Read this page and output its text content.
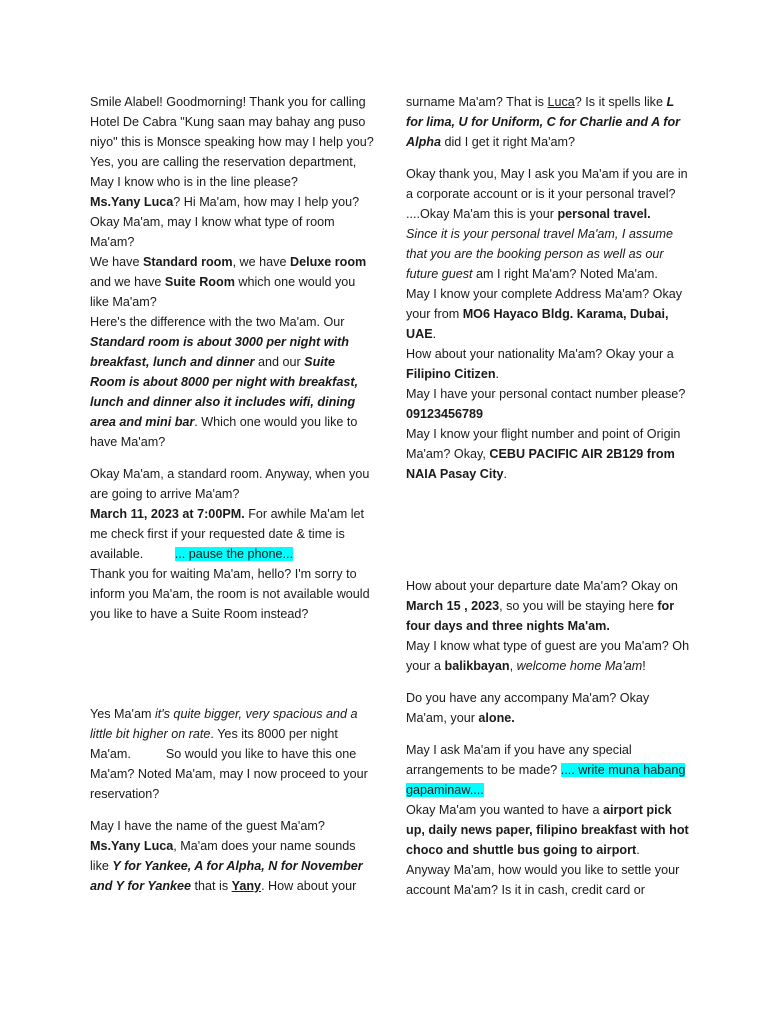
Smile Alabel! Goodmorning! Thank you for calling Hotel De Cabra "Kung saan may bahay ang puso niyo" this is Monsce speaking how may I help you?

Yes, you are calling the reservation department, May I know who is in the line please?

Ms.Yany Luca? Hi Ma'am, how may I help you? Okay Ma'am, may I know what type of room Ma'am?

We have Standard room, we have Deluxe room and we have Suite Room which one would you like Ma'am?

Here's the difference with the two Ma'am. Our Standard room is about 3000 per night with breakfast, lunch and dinner and our Suite Room is about 8000 per night with breakfast, lunch and dinner also it includes wifi, dining area and mini bar. Which one would you like to have Ma'am?

Okay Ma'am, a standard room. Anyway, when you are going to arrive Ma'am?

March 11, 2023 at 7:00PM. For awhile Ma'am let me check first if your requested date & time is available.         ... pause the phone...

Thank you for waiting Ma'am, hello? I'm sorry to inform you Ma'am, the room is not available would you like to have a Suite Room instead?

Yes Ma'am it's quite bigger, very spacious and a little bit higher on rate. Yes its 8000 per night Ma'am.          So would you like to have this one Ma'am? Noted Ma'am, may I now proceed to your reservation?

May I have the name of the guest Ma'am?

Ms.Yany Luca, Ma'am does your name sounds like Y for Yankee, A for Alpha, N for November and Y for Yankee that is Yany. How about your

surname Ma'am? That is Luca? Is it spells like L for lima, U for Uniform, C for Charlie and A for Alpha did I get it right Ma'am?

Okay thank you, May I ask you Ma'am if you are in a corporate account or is it your personal travel? ....Okay Ma'am this is your personal travel.

Since it is your personal travel Ma'am, I assume that you are the booking person as well as our future guest am I right Ma'am? Noted Ma'am.

May I know your complete Address Ma'am? Okay your from MO6 Hayaco Bldg. Karama, Dubai, UAE.

How about your nationality Ma'am? Okay your a Filipino Citizen.

May I have your personal contact number please? 09123456789

May I know your flight number and point of Origin Ma'am? Okay, CEBU PACIFIC AIR 2B129 from NAIA Pasay City.

How about your departure date Ma'am? Okay on March 15 , 2023, so you will be staying here for four days and three nights Ma'am.

May I know what type of guest are you Ma'am? Oh your a balikbayan, welcome home Ma'am!

Do you have any accompany Ma'am? Okay Ma'am, your alone.

May I ask Ma'am if you have any special arrangements to be made? .... write muna habang gapaminaw....

Okay Ma'am you wanted to have a airport pick up, daily news paper, filipino breakfast with hot choco and shuttle bus going to airport.

Anyway Ma'am, how would you like to settle your account Ma'am? Is it in cash, credit card or
